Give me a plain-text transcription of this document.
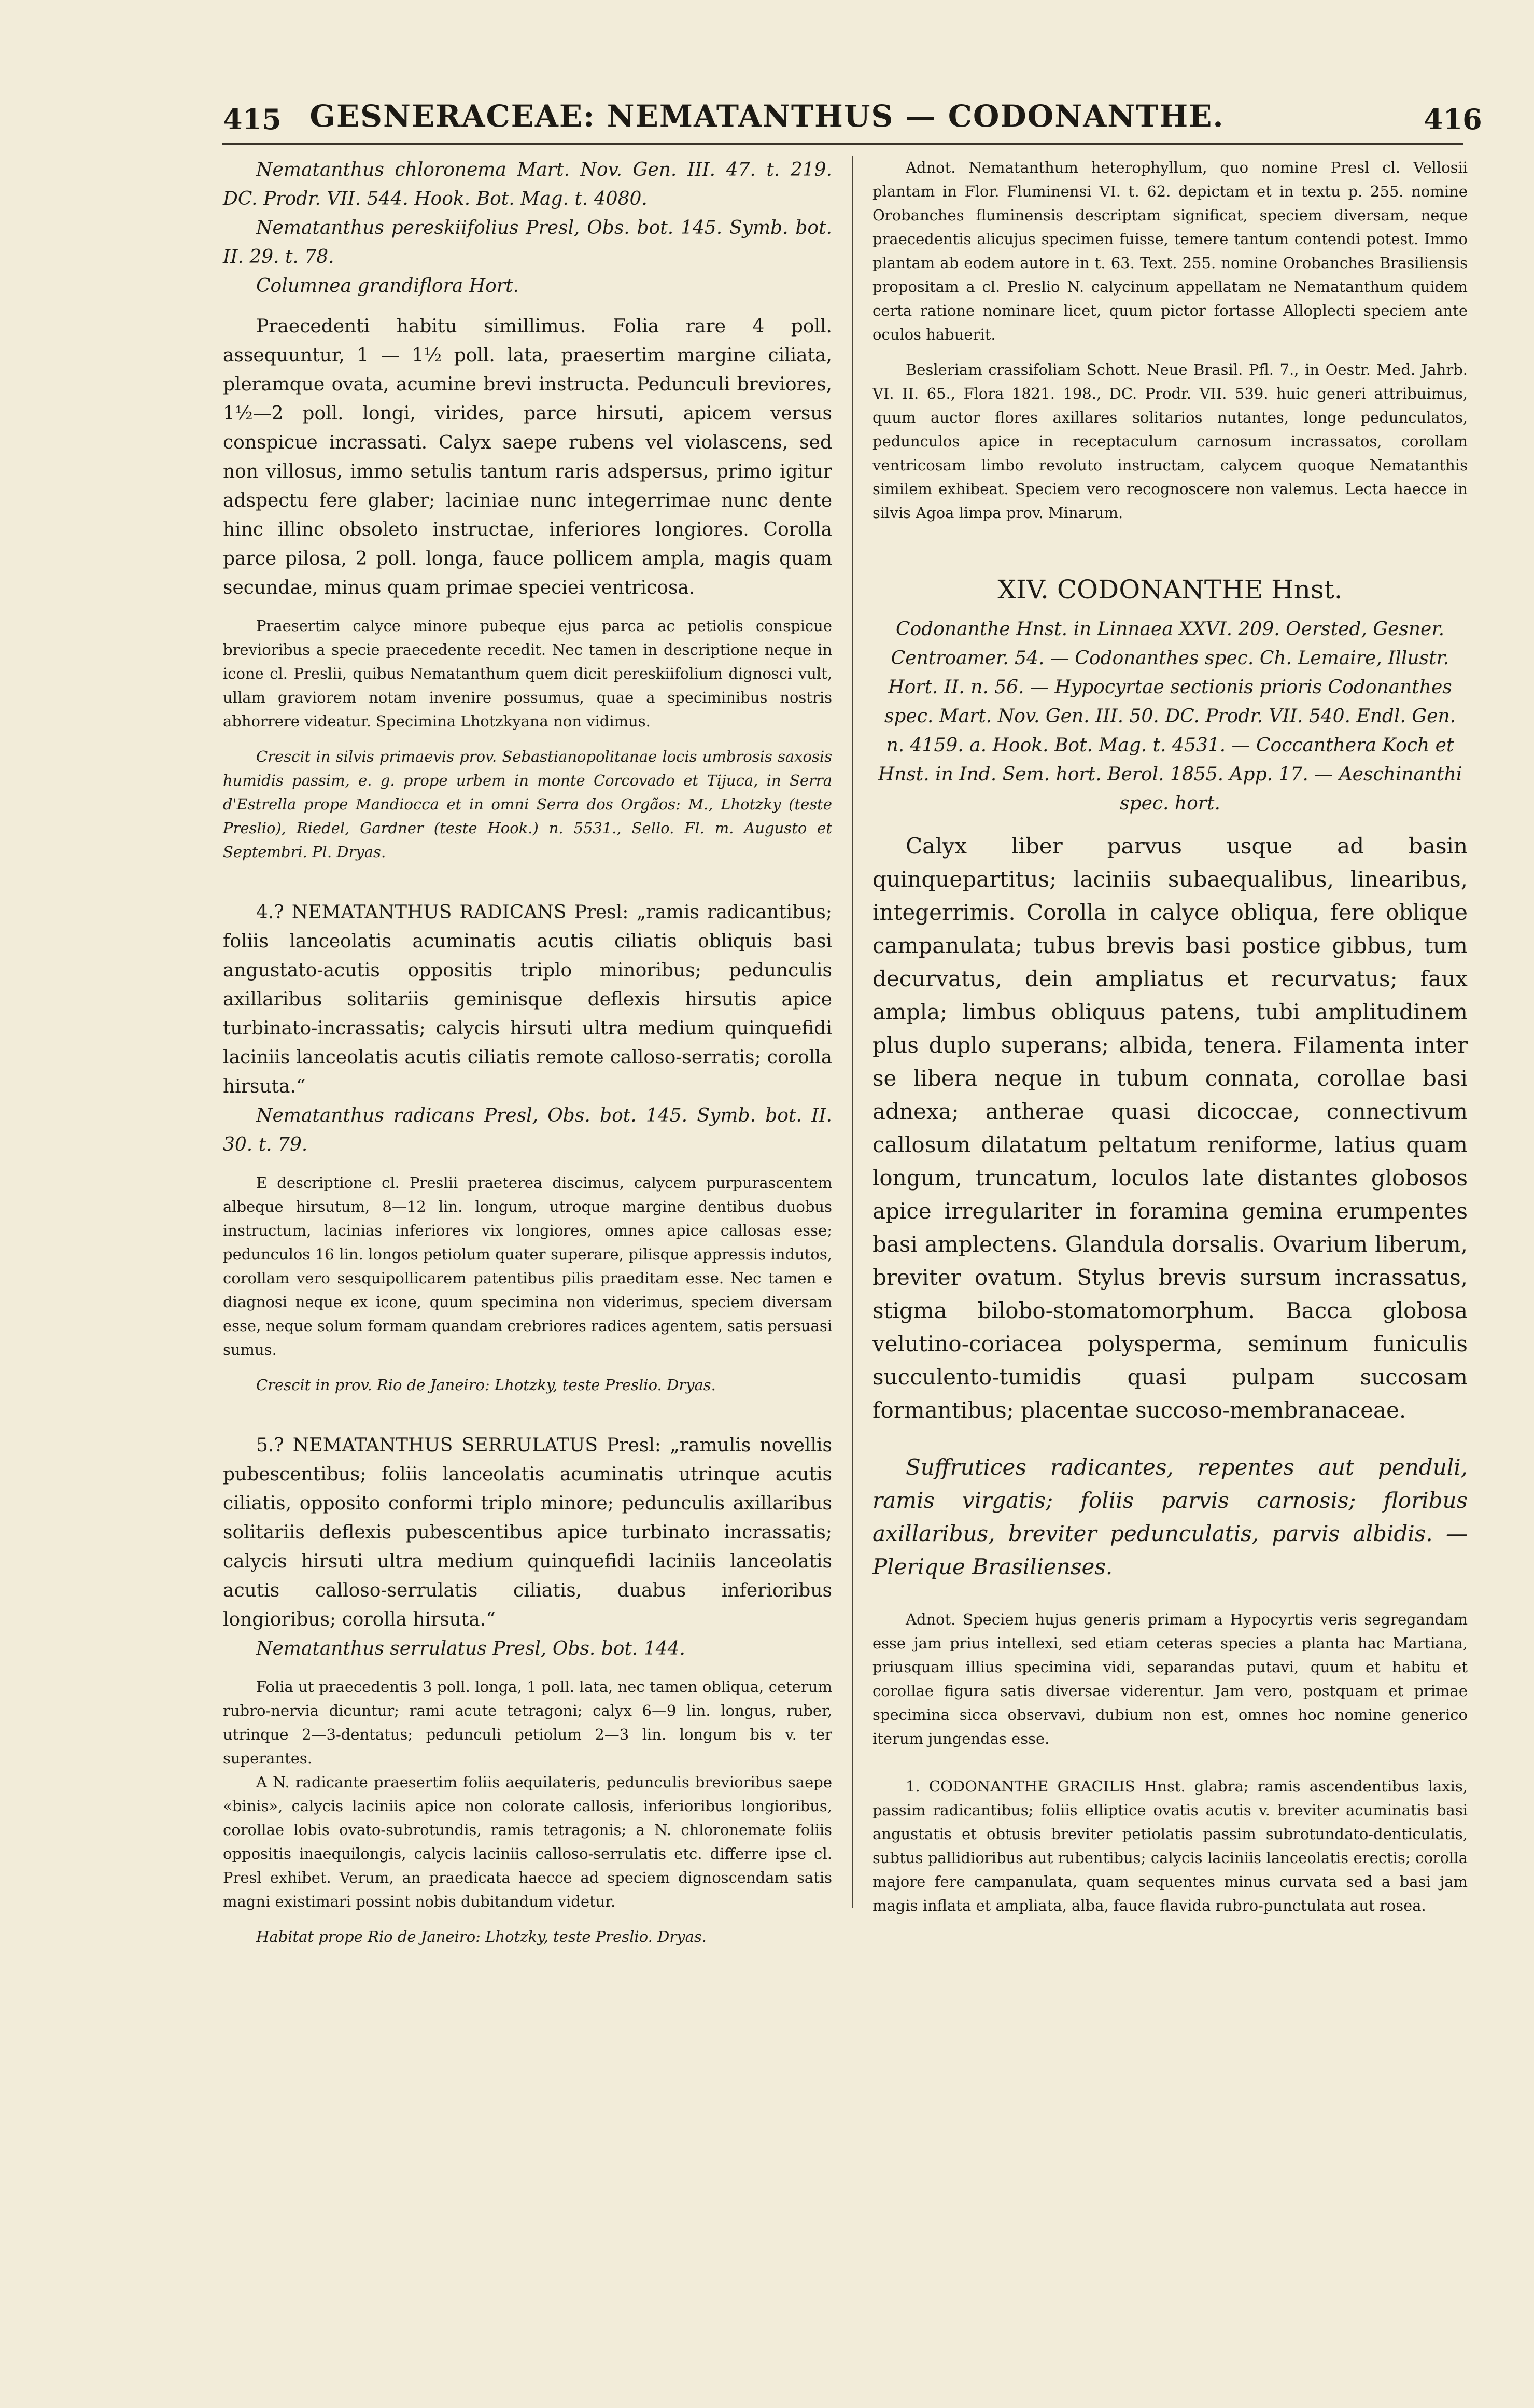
415 GESNERACEAE: NEMATANTHUS — CODONANTHE.	416

Nematanthus chloronema Mart. Nov. Gen. III. 47. t. 219. DC. Prodr. VII. 544. Hook. Bot. Mag. t. 4080.

Nematanthus pereskiifolius Presl, Obs. bot. 145. Symb. bot. II. 29. t. 78.

Columnea grandiflora Hort.

Praecedenti habitu simillimus. Folia rare 4 poll. assequuntur, 1 — 1½ poll. lata, praesertim margine ciliata, pleramque ovata, acumine brevi instructa. Pedunculi breviores, 1½—2 poll. longi, virides, parce hirsuti, apicem versus conspicue incrassati. Calyx saepe rubens vel violascens, sed non villosus, immo setulis tantum raris adspersus, primo igitur adspectu fere glaber; laciniae nunc integerrimae nunc dente hinc illinc obsoleto instructae, inferiores longiores. Corolla parce pilosa, 2 poll. longa, fauce pollicem ampla, magis quam secundae, minus quam primae speciei ventricosa.

Praesertim calyce minore pubeque ejus parca ac petiolis conspicue brevioribus a specie praecedente recedit. Nec tamen in descriptione neque in icone cl. Preslii, quibus Nematanthum quem dicit pereskiifolium dignosci vult, ullam graviorem notam invenire possumus, quae a speciminibus nostris abhorrere videatur. Specimina Lhotzkyana non vidimus.

Crescit in silvis primaevis prov. Sebastianopolitanae locis umbrosis saxosis humidis passim, e. g. prope urbem in monte Corcovado et Tijuca, in Serra d'Estrella prope Mandiocca et in omni Serra dos Orgãos: M., Lhotzky (teste Preslio), Riedel, Gardner (teste Hook.) n. 5531., Sello. Fl. m. Augusto et Septembri. Pl. Dryas.

4.? NEMATANTHUS RADICANS Presl: „ramis radicantibus; foliis lanceolatis acuminatis acutis ciliatis obliquis basi angustato-acutis oppositis triplo minoribus; pedunculis axillaribus solitariis geminisque deflexis hirsutis apice turbinato-incrassatis; calycis hirsuti ultra medium quinquefidi laciniis lanceolatis acutis ciliatis remote calloso-serratis; corolla hirsuta.“

Nematanthus radicans Presl, Obs. bot. 145. Symb. bot. II. 30. t. 79.

E descriptione cl. Preslii praeterea discimus, calycem purpurascentem albeque hirsutum, 8—12 lin. longum, utroque margine dentibus duobus instructum, lacinias inferiores vix longiores, omnes apice callosas esse; pedunculos 16 lin. longos petiolum quater superare, pilisque appressis indutos, corollam vero sesquipollicarem patentibus pilis praeditam esse. Nec tamen e diagnosi neque ex icone, quum specimina non viderimus, speciem diversam esse, neque solum formam quandam crebriores radices agentem, satis persuasi sumus.

Crescit in prov. Rio de Janeiro: Lhotzky, teste Preslio. Dryas.

5.? NEMATANTHUS SERRULATUS Presl: „ramulis novellis pubescentibus; foliis lanceolatis acuminatis utrinque acutis ciliatis, opposito conformi triplo minore; pedunculis axillaribus solitariis deflexis pubescentibus apice turbinato incrassatis; calycis hirsuti ultra medium quinquefidi laciniis lanceolatis acutis calloso-serrulatis ciliatis, duabus inferioribus longioribus; corolla hirsuta.“

Nematanthus serrulatus Presl, Obs. bot. 144.

Folia ut praecedentis 3 poll. longa, 1 poll. lata, nec tamen obliqua, ceterum rubro-nervia dicuntur; rami acute tetragoni; calyx 6—9 lin. longus, ruber, utrinque 2—3-dentatus; pedunculi petiolum 2—3 lin. longum bis v. ter superantes.

A N. radicante praesertim foliis aequilateris, pedunculis brevioribus saepe «binis», calycis laciniis apice non colorate callosis, inferioribus longioribus, corollae lobis ovato-subrotundis, ramis tetragonis; a N. chloronemate foliis oppositis inaequilongis, calycis laciniis calloso-serrulatis etc. differre ipse cl. Presl exhibet. Verum, an praedicata haecce ad speciem dignoscendam satis magni existimari possint nobis dubitandum videtur.

Habitat prope Rio de Janeiro: Lhotzky, teste Preslio. Dryas.

Adnot. Nematanthum heterophyllum, quo nomine Presl cl. Vellosii plantam in Flor. Fluminensi VI. t. 62. depictam et in textu p. 255. nomine Orobanches fluminensis descriptam significat, speciem diversam, neque praecedentis alicujus specimen fuisse, temere tantum contendi potest. Immo plantam ab eodem autore in t. 63. Text. 255. nomine Orobanches Brasiliensis propositam a cl. Preslio N. calycinum appellatam ne Nematanthum quidem certa ratione nominare licet, quum pictor fortasse Alloplecti speciem ante oculos habuerit.

Besleriam crassifoliam Schott. Neue Brasil. Pfl. 7., in Oestr. Med. Jahrb. VI. II. 65., Flora 1821. 198., DC. Prodr. VII. 539. huic generi attribuimus, quum auctor flores axillares solitarios nutantes, longe pedunculatos, pedunculos apice in receptaculum carnosum incrassatos, corollam ventricosam limbo revoluto instructam, calycem quoque Nematanthis similem exhibeat. Speciem vero recognoscere non valemus. Lecta haecce in silvis Agoa limpa prov. Minarum.

XIV. CODONANTHE Hnst.

Codonanthe Hnst. in Linnaea XXVI. 209. Oersted, Gesner. Centroamer. 54. — Codonanthes spec. Ch. Lemaire, Illustr. Hort. II. n. 56. — Hypocyrtae sectionis prioris Codonanthes spec. Mart. Nov. Gen. III. 50. DC. Prodr. VII. 540. Endl. Gen. n. 4159. a. Hook. Bot. Mag. t. 4531. — Coccanthera Koch et Hnst. in Ind. Sem. hort. Berol. 1855. App. 17. — Aeschinanthi spec. hort.

Calyx liber parvus usque ad basin quinquepartitus; laciniis subaequalibus, linearibus, integerrimis. Corolla in calyce obliqua, fere oblique campanulata; tubus brevis basi postice gibbus, tum decurvatus, dein ampliatus et recurvatus; faux ampla; limbus obliquus patens, tubi amplitudinem plus duplo superans; albida, tenera. Filamenta inter se libera neque in tubum connata, corollae basi adnexa; antherae quasi dicoccae, connectivum callosum dilatatum peltatum reniforme, latius quam longum, truncatum, loculos late distantes globosos apice irregulariter in foramina gemina erumpentes basi amplectens. Glandula dorsalis. Ovarium liberum, breviter ovatum. Stylus brevis sursum incrassatus, stigma bilobo-stomatomorphum. Bacca globosa velutino-coriacea polysperma, seminum funiculis succulento-tumidis quasi pulpam succosam formantibus; placentae succoso-membranaceae.

Suffrutices radicantes, repentes aut penduli, ramis virgatis; foliis parvis carnosis; floribus axillaribus, breviter pedunculatis, parvis albidis. — Plerique Brasilienses.

Adnot. Speciem hujus generis primam a Hypocyrtis veris segregandam esse jam prius intellexi, sed etiam ceteras species a planta hac Martiana, priusquam illius specimina vidi, separandas putavi, quum et habitu et corollae figura satis diversae viderentur. Jam vero, postquam et primae specimina sicca observavi, dubium non est, omnes hoc nomine generico iterum jungendas esse.

1. CODONANTHE GRACILIS Hnst. glabra; ramis ascendentibus laxis, passim radicantibus; foliis elliptice ovatis acutis v. breviter acuminatis basi angustatis et obtusis breviter petiolatis passim subrotundato-denticulatis, subtus pallidioribus aut rubentibus; calycis laciniis lanceolatis erectis; corolla majore fere campanulata, quam sequentes minus curvata sed a basi jam magis inflata et ampliata, alba, fauce flavida rubro-punctulata aut rosea.
